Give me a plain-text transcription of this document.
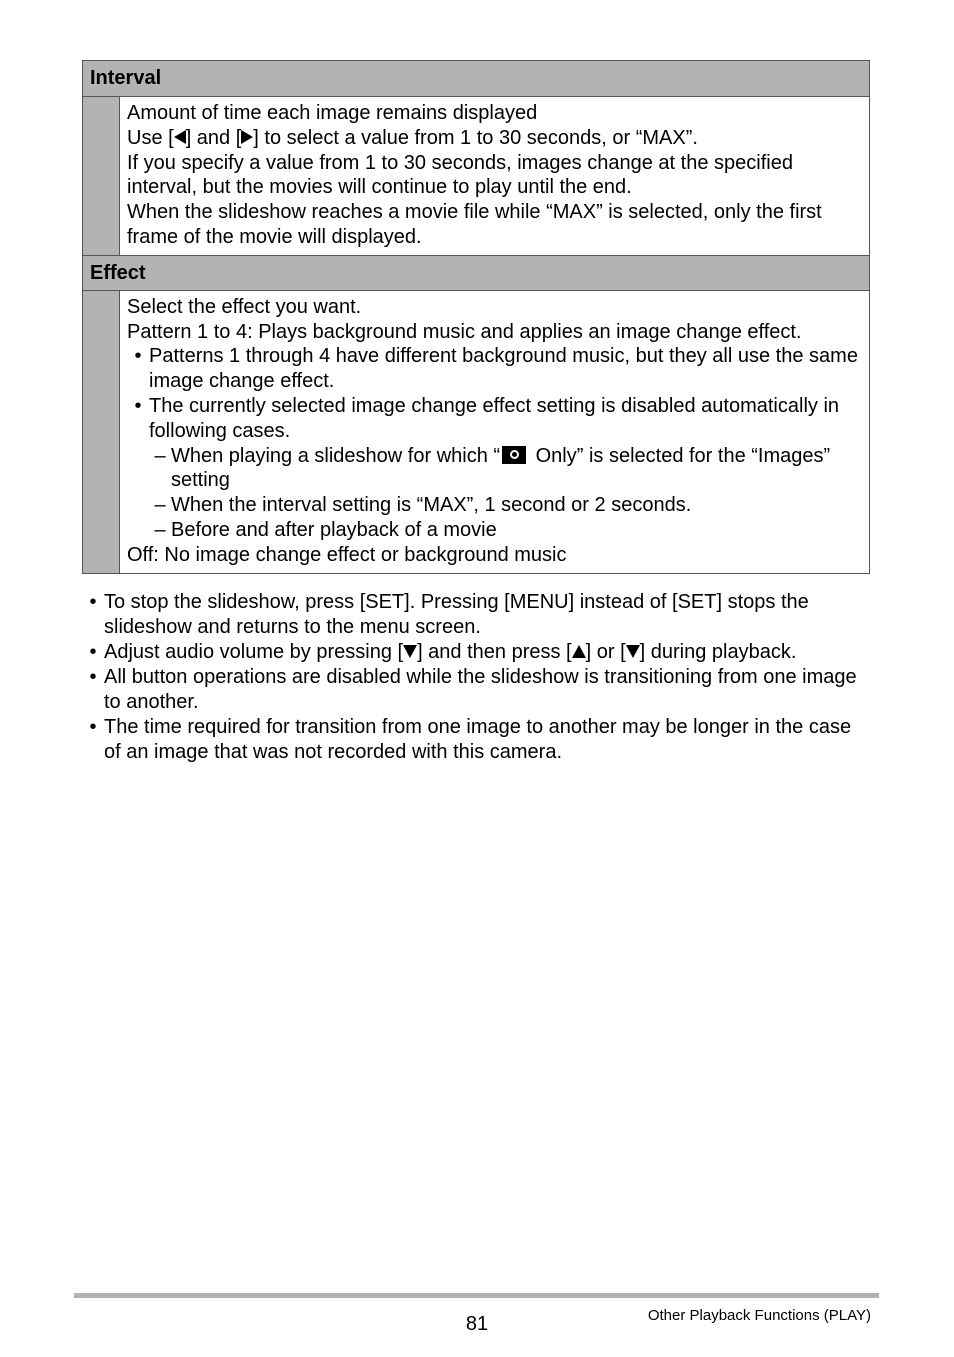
Interval

Amount of time each image remains displayed

Use [ ] and [ ] to select a value from 1 to 30 seconds, or “MAX”.

If you specify a value from 1 to 30 seconds, images change at the specified interval, but the movies will continue to play until the end.

When the slideshow reaches a movie file while “MAX” is selected, only the first frame of the movie will displayed.

Effect

Select the effect you want.

Pattern 1 to 4: Plays background music and applies an image change effect.

• Patterns 1 through 4 have different background music, but they all use the same image change effect.
• The currently selected image change effect setting is disabled automatically in following cases.
– When playing a slideshow for which “ Only” is selected for the “Images” setting
– When the interval setting is “MAX”, 1 second or 2 seconds.
– Before and after playback of a movie

Off: No image change effect or background music

• To stop the slideshow, press [SET]. Pressing [MENU] instead of [SET] stops the slideshow and returns to the menu screen.
• Adjust audio volume by pressing [ ] and then press [ ] or [ ] during playback.
• All button operations are disabled while the slideshow is transitioning from one image to another.
• The time required for transition from one image to another may be longer in the case of an image that was not recorded with this camera.
81	Other Playback Functions (PLAY)
